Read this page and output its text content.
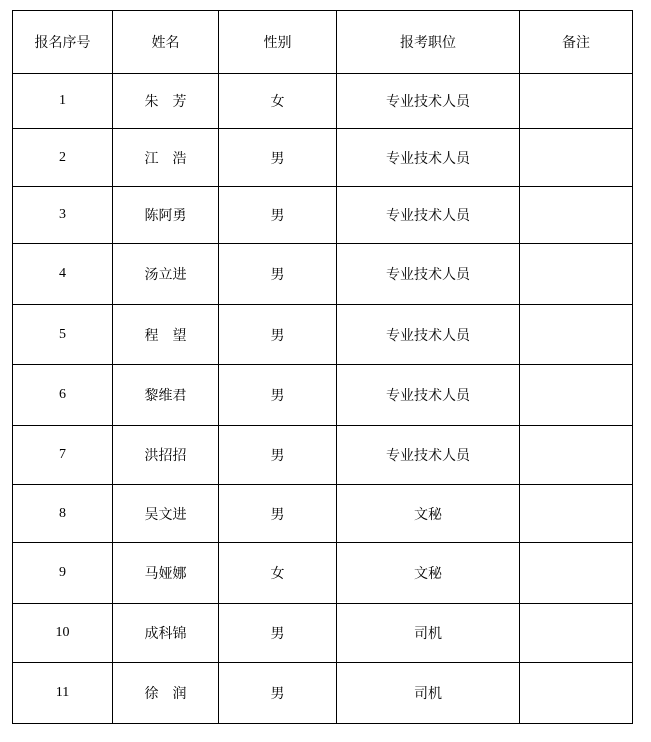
报名序号	姓名	性别	报考职位	备注
1	朱　芳	女	专业技术人员	
2	江　浩	男	专业技术人员	
3	陈阿勇	男	专业技术人员	
4	汤立进	男	专业技术人员	
5	程　望	男	专业技术人员	
6	黎维君	男	专业技术人员	
7	洪招招	男	专业技术人员	
8	吴文进	男	文秘	
9	马娅娜	女	文秘	
10	成科锦	男	司机	
11	徐　润	男	司机	
